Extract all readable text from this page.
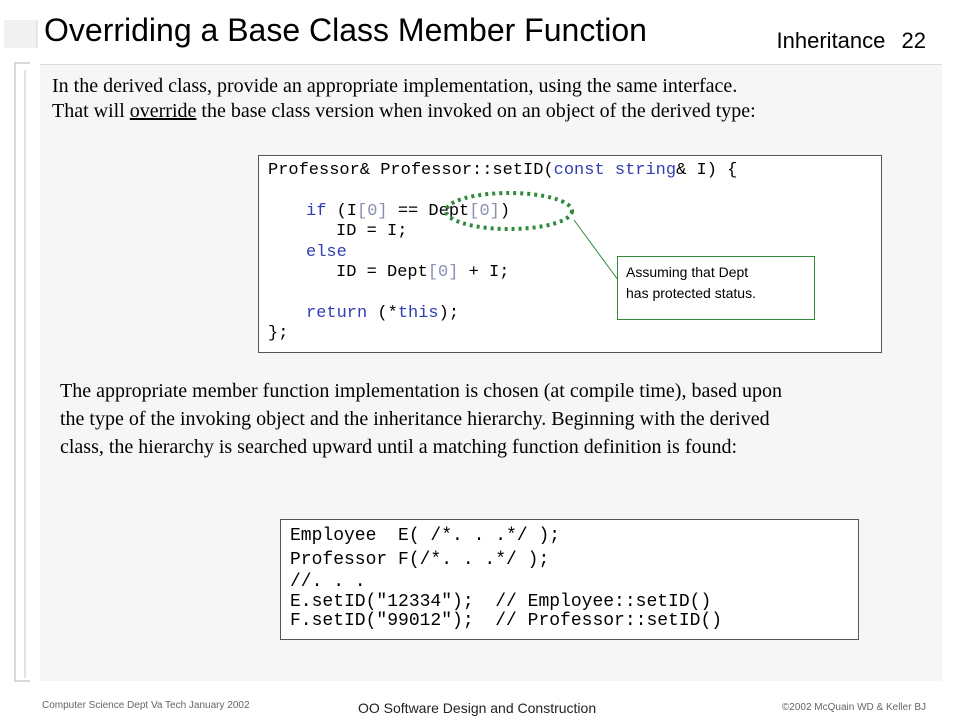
Overriding a Base Class Member Function	Inheritance 22
In the derived class, provide an appropriate implementation, using the same interface.
That will override the base class version when invoked on an object of the derived type:
Professor& Professor::setID(const string& I) {
if (I[0] == Dept[0])
ID = I;
else
ID = Dept[0] + I;
return (*this);
};
Assuming that Dept
has protected status.
The appropriate member function implementation is chosen (at compile time), based upon
the type of the invoking object and the inheritance hierarchy. Beginning with the derived
class, the hierarchy is searched upward until a matching function definition is found:
Employee  E( /*. . .*/ );
Professor F(/*. . .*/ );
//. . .
E.setID("12334");  // Employee::setID()
F.setID("99012");  // Professor::setID()
Computer Science Dept Va Tech January 2002	OO Software Design and Construction	©2002 McQuain WD & Keller BJ
